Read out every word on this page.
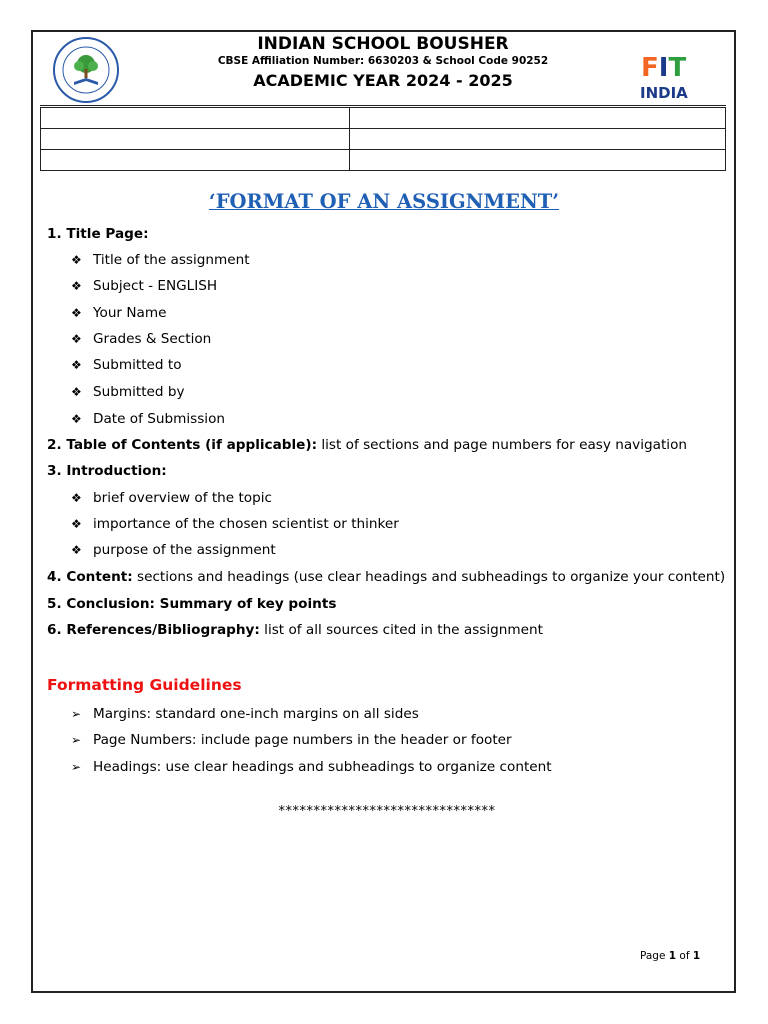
INDIAN SCHOOL BOUSHER
CBSE Affiliation Number: 6630203 & School Code 90252
ACADEMIC YEAR 2024 - 2025	FIT
INDIA

‘FORMAT OF AN ASSIGNMENT’
1. Title Page:
❖ Title of the assignment
❖ Subject - ENGLISH
❖ Your Name
❖ Grades & Section
❖ Submitted to
❖ Submitted by
❖ Date of Submission
2. Table of Contents (if applicable): list of sections and page numbers for easy navigation
3. Introduction:
❖ brief overview of the topic
❖ importance of the chosen scientist or thinker
❖ purpose of the assignment
4. Content: sections and headings (use clear headings and subheadings to organize your content)
5. Conclusion: Summary of key points
6. References/Bibliography: list of all sources cited in the assignment
Formatting Guidelines
➢ Margins: standard one-inch margins on all sides
➢ Page Numbers: include page numbers in the header or footer
➢ Headings: use clear headings and subheadings to organize content
*******************************
Page 1 of 1
